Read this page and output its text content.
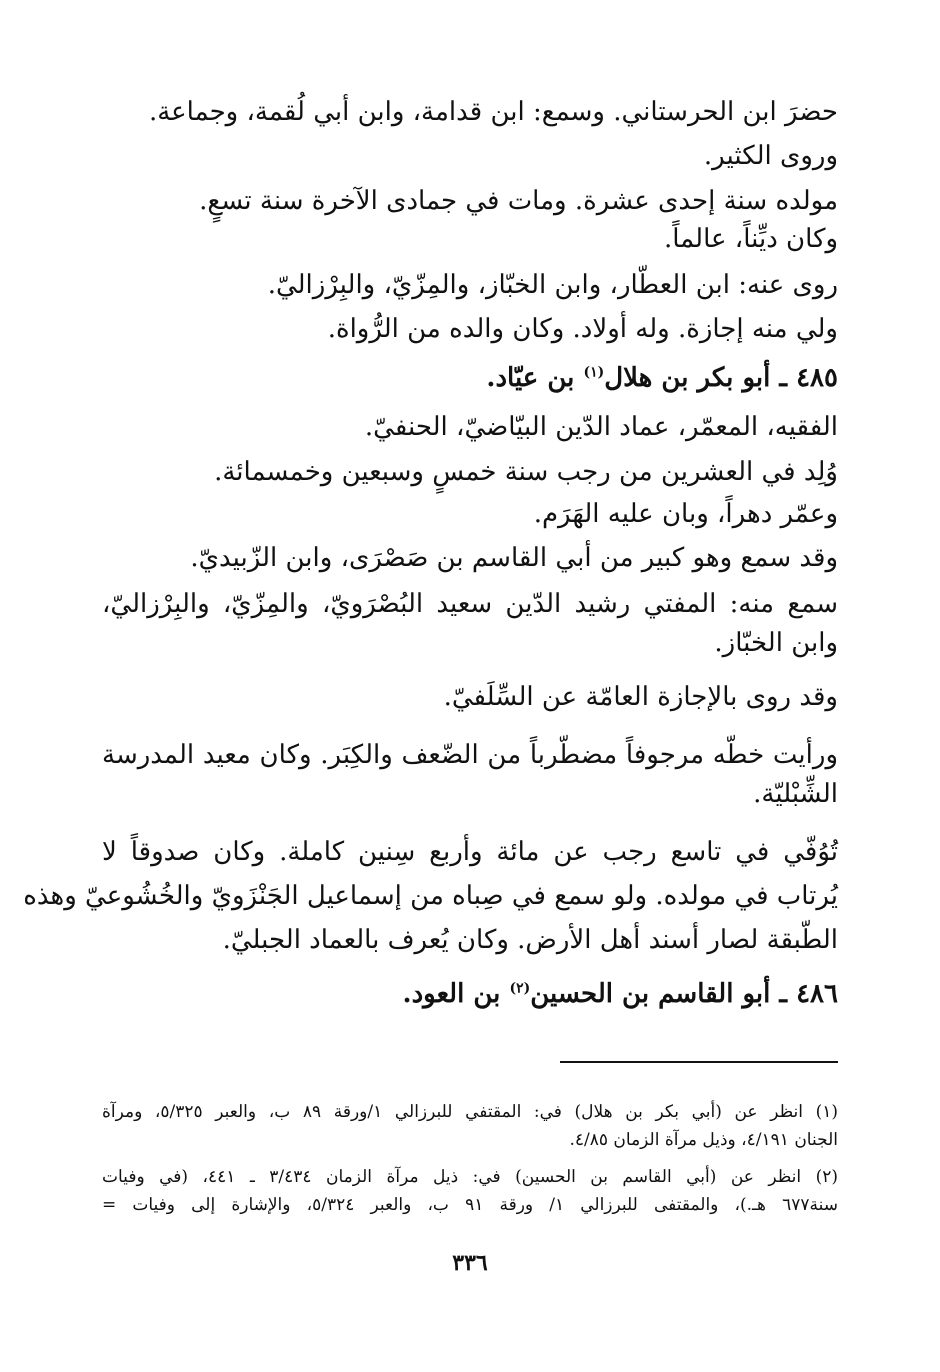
حضرَ ابن الحرستاني. وسمع: ابن قدامة، وابن أبي لُقمة، وجماعة.
وروى الكثير.
مولده سنة إحدى عشرة. ومات في جمادى الآخرة سنة تسعٍ.
وكان ديِّناً، عالماً.
روى عنه: ابن العطّار، وابن الخبّاز، والمِزّيّ، والبِرْزاليّ.
ولي منه إجازة. وله أولاد. وكان والده من الرُّواة.
٤٨٥ ـ أبو بكر بن هلال$^{(١)}$ بن عيّاد.
الفقيه، المعمّر، عماد الدّين البيّاضيّ، الحنفيّ.
وُلِد في العشرين من رجب سنة خمسٍ وسبعين وخمسمائة.
وعمّر دهراً، وبان عليه الهَرَم.
وقد سمع وهو كبير من أبي القاسم بن صَصْرَى، وابن الزّبيديّ.
سمع منه: المفتي رشيد الدّين سعيد البُصْرَويّ، والمِزّيّ، والبِرْزاليّ،
وابن الخبّاز.
وقد روى بالإجازة العامّة عن السِّلَفيّ.
ورأيت خطّه مرجوفاً مضطّرباً من الضّعف والكِبَر. وكان معيد المدرسة
الشِّبْليّة.
تُوُفّي في تاسع رجب عن مائة وأربع سِنين كاملة. وكان صدوقاً لا
يُرتاب في مولده. ولو سمع في صِباه من إسماعيل الجَنْزَويّ والخُشُوعيّ وهذه
الطّبقة لصار أسند أهل الأرض. وكان يُعرف بالعماد الجبليّ.
٤٨٦ ـ أبو القاسم بن الحسين$^{(٢)}$ بن العود.
(١) انظر عن (أبي بكر بن هلال) في: المقتفي للبرزالي ١/ورقة ٨٩ ب، والعبر ٥/٣٢٥، ومرآة
الجنان ٤/١٩١، وذيل مرآة الزمان ٤/٨٥.
(٢) انظر عن (أبي القاسم بن الحسين) في: ذيل مرآة الزمان ٣/٤٣٤ ـ ٤٤١، (في وفيات
سنة٦٧٧ هـ.)، والمقتفى للبرزالي ١/ ورقة ٩١ ب، والعبر ٥/٣٢٤، والإشارة إلى وفيات =
٣٣٦
